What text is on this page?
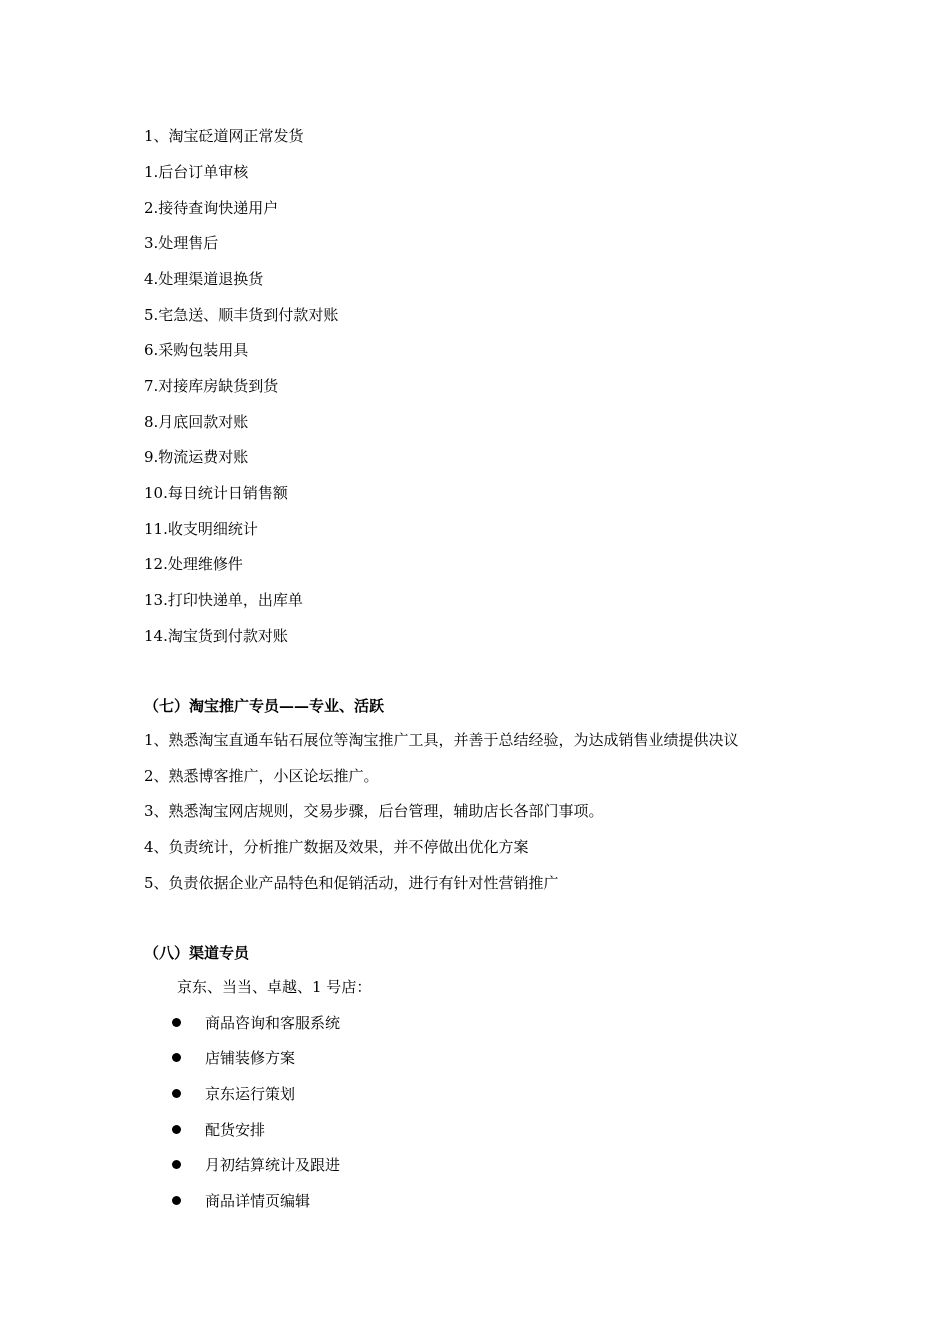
1、淘宝砭道网正常发货
1.后台订单审核
2.接待查询快递用户
3.处理售后
4.处理渠道退换货
5.宅急送、顺丰货到付款对账
6.采购包装用具
7.对接库房缺货到货
8.月底回款对账
9.物流运费对账
10.每日统计日销售额
11.收支明细统计
12.处理维修件
13.打印快递单，出库单
14.淘宝货到付款对账
（七）淘宝推广专员——专业、活跃
1、熟悉淘宝直通车钻石展位等淘宝推广工具，并善于总结经验，为达成销售业绩提供决议
2、熟悉博客推广，小区论坛推广。
3、熟悉淘宝网店规则，交易步骤，后台管理，辅助店长各部门事项。
4、负责统计，分析推广数据及效果，并不停做出优化方案
5、负责依据企业产品特色和促销活动，进行有针对性营销推广
（八）渠道专员
京东、当当、卓越、1 号店：
商品咨询和客服系统
店铺装修方案
京东运行策划
配货安排
月初结算统计及跟进
商品详情页编辑
